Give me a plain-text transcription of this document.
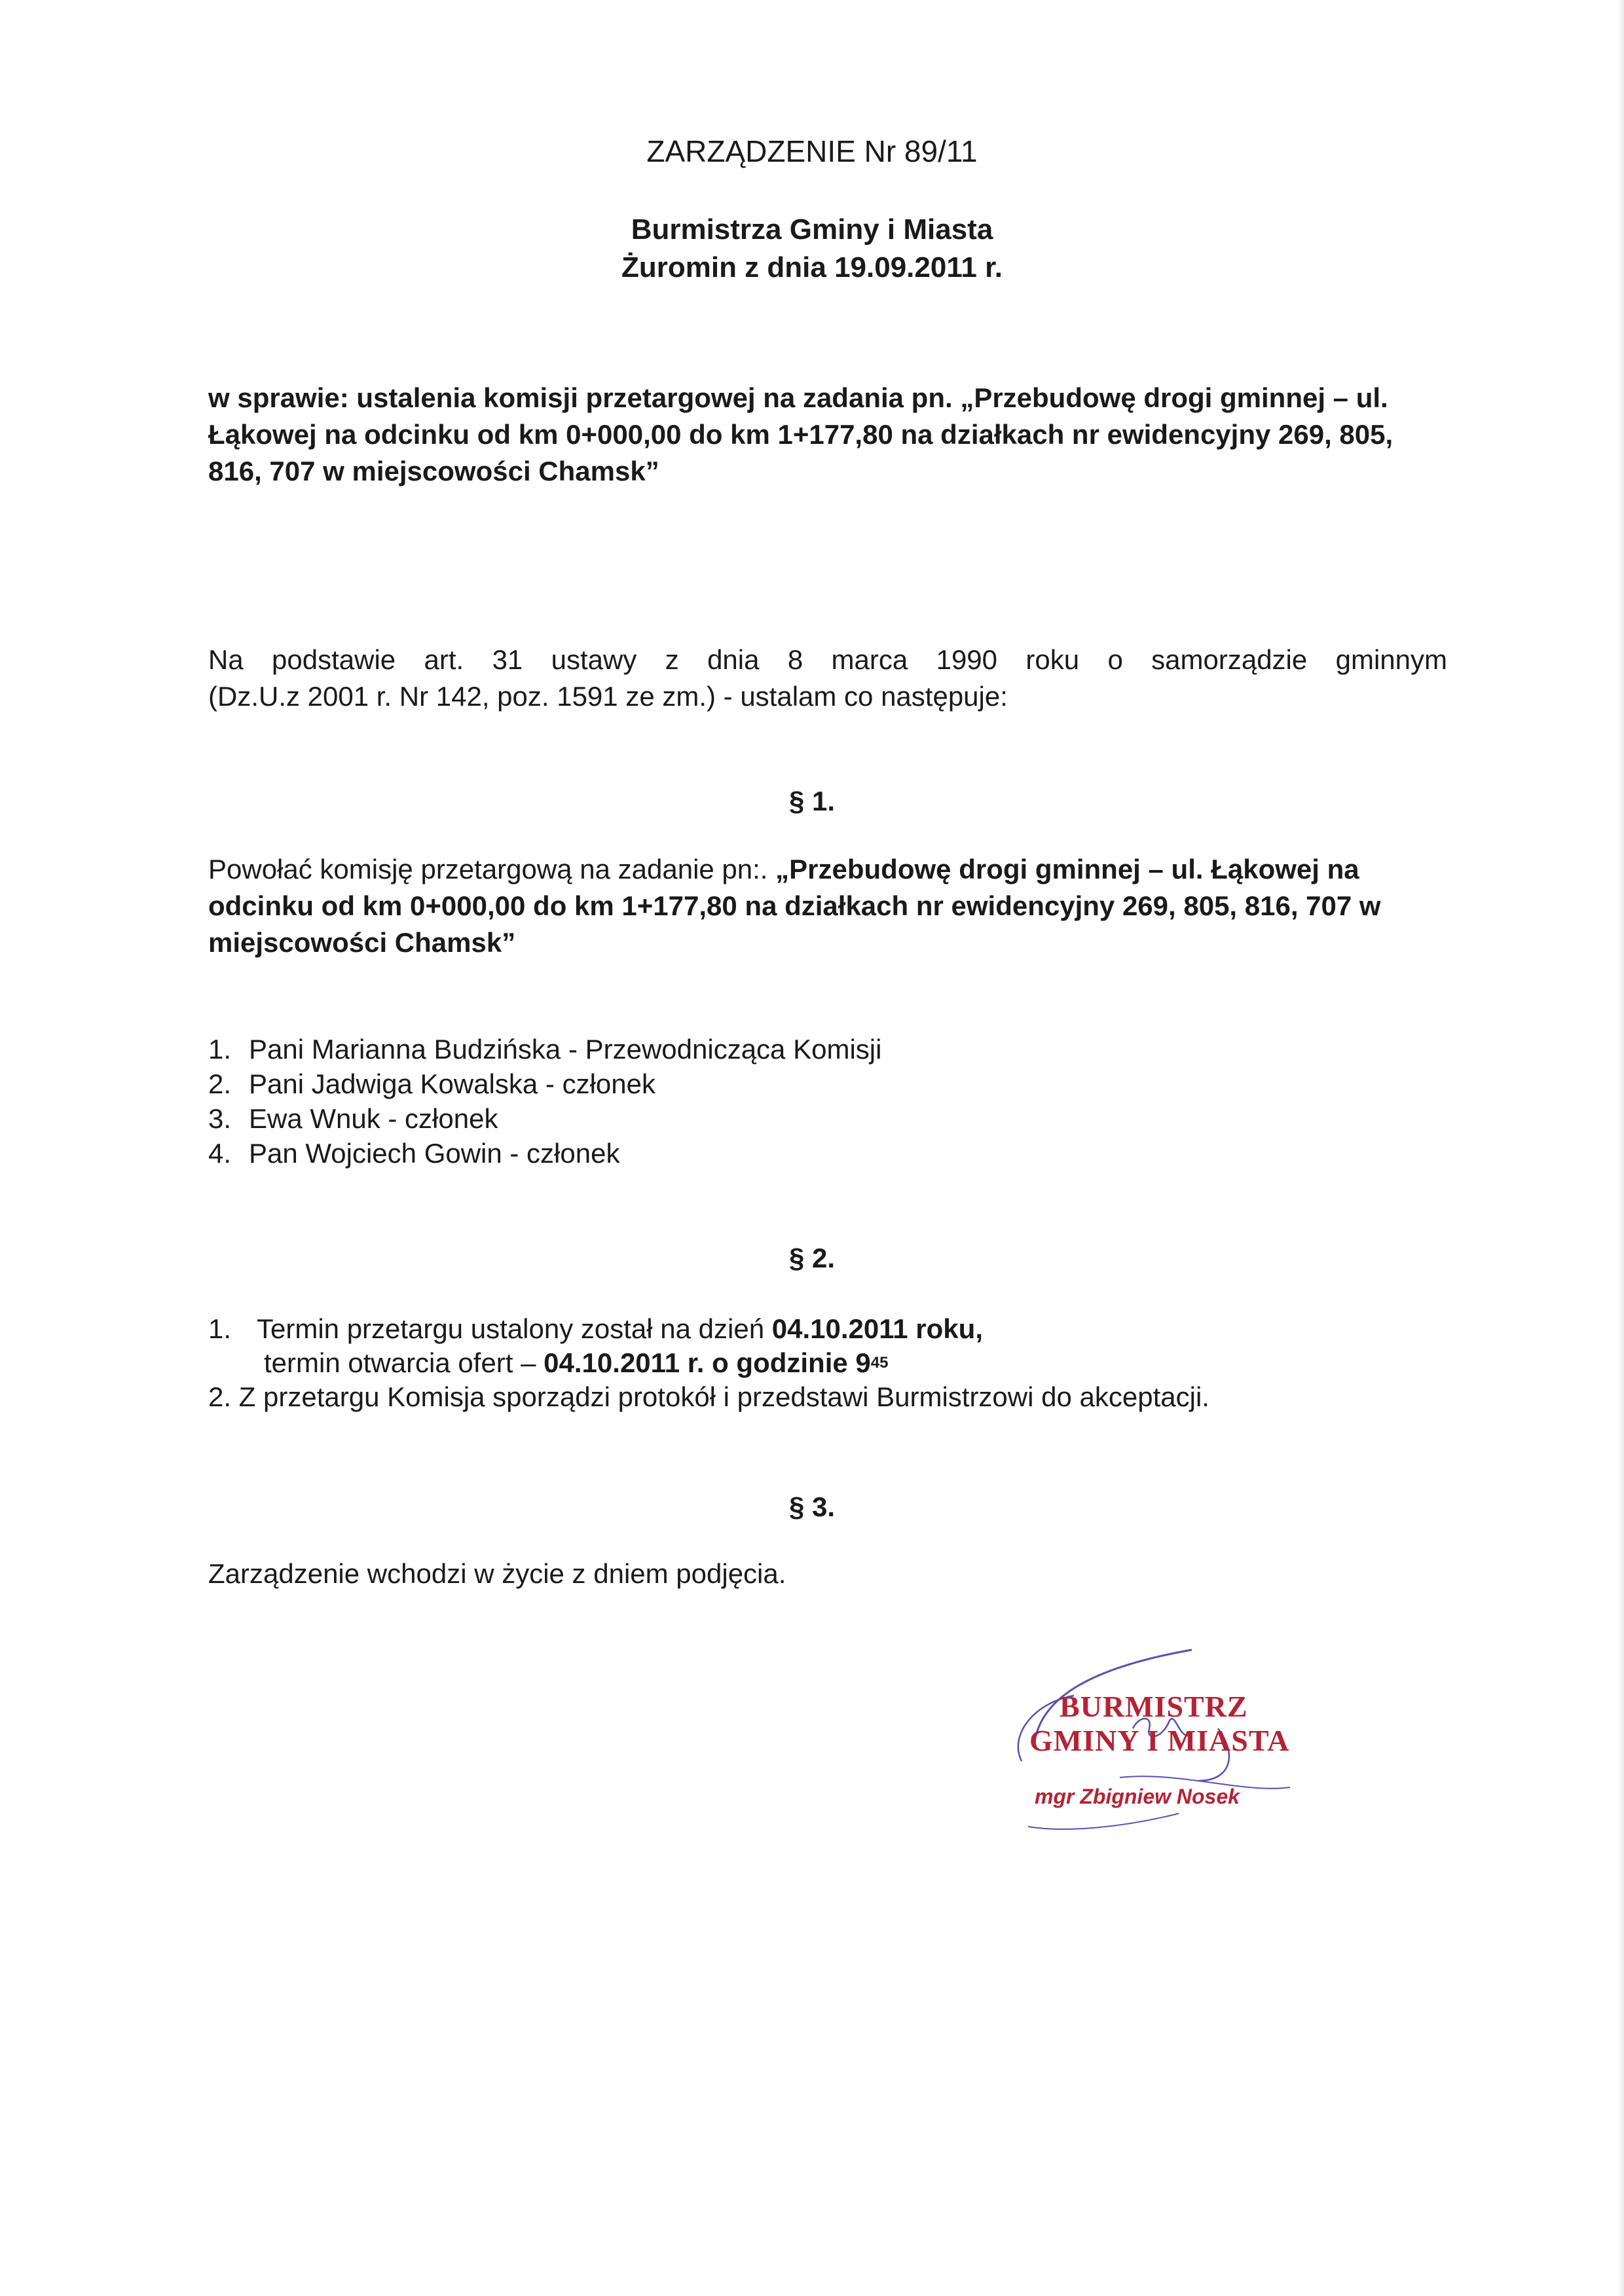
ZARZĄDZENIE Nr 89/11
Burmistrza Gminy i Miasta
Żuromin z dnia 19.09.2011 r.
w sprawie: ustalenia komisji przetargowej na zadania pn. „Przebudowę drogi gminnej – ul. Łąkowej na odcinku od km 0+000,00 do km 1+177,80 na działkach nr ewidencyjny 269, 805, 816, 707 w miejscowości Chamsk”
Na podstawie art. 31 ustawy z dnia 8 marca 1990 roku o samorządzie gminnym
(Dz.U.z 2001 r. Nr 142, poz. 1591 ze zm.) - ustalam co następuje:
§ 1.
Powołać komisję przetargową na zadanie pn:. „Przebudowę drogi gminnej – ul. Łąkowej na odcinku od km 0+000,00 do km 1+177,80 na działkach nr ewidencyjny 269, 805, 816, 707 w miejscowości Chamsk”
1. Pani Marianna Budzińska - Przewodnicząca Komisji
2. Pani Jadwiga Kowalska - członek
3. Ewa Wnuk - członek
4. Pan Wojciech Gowin - członek
§ 2.
1. Termin przetargu ustalony został na dzień 04.10.2011 roku,
termin otwarcia ofert –
04.10.2011 r. o godzinie 9 45
2. Z przetargu Komisja sporządzi protokół i przedstawi Burmistrzowi do akceptacji.
§ 3.
Zarządzenie wchodzi w życie z dniem podjęcia.
BURMISTRZ
GMINY I MIASTA
mgr Zbigniew Nosek
